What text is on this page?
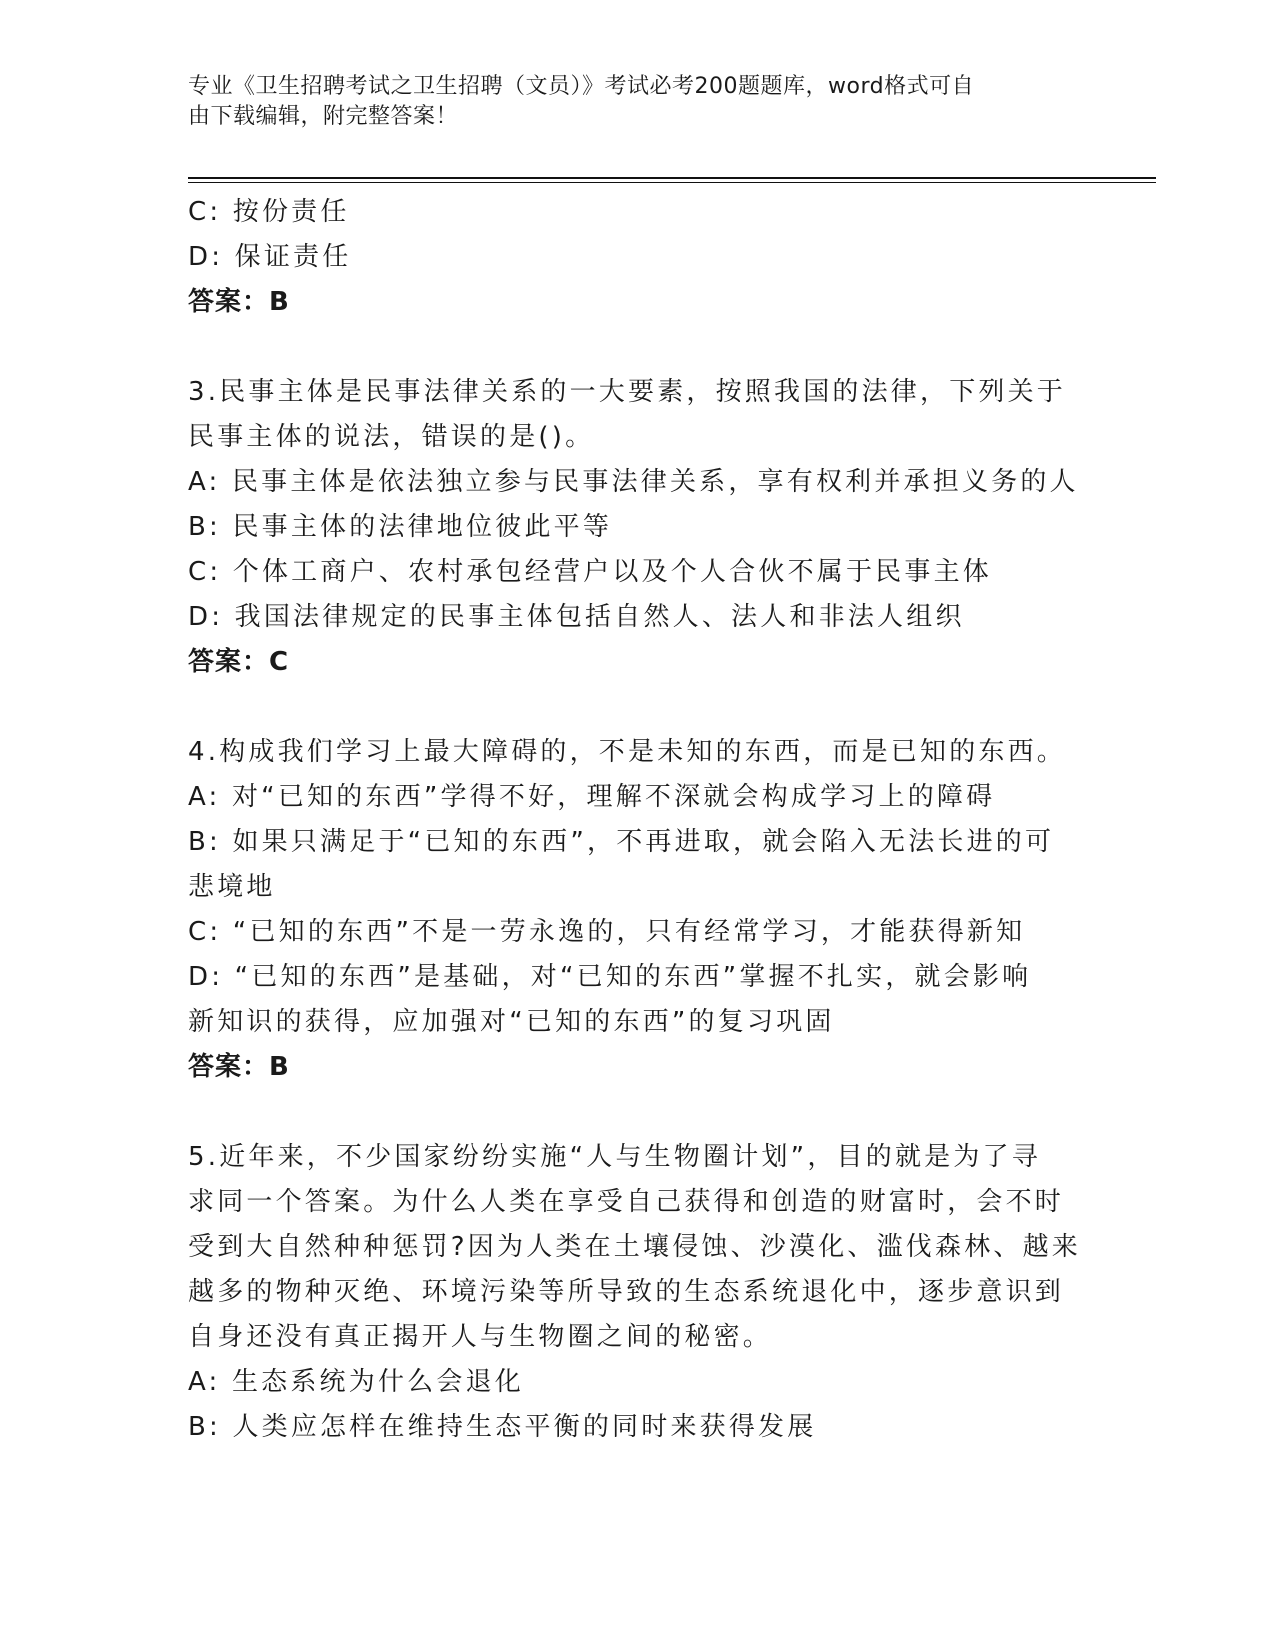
专业《卫生招聘考试之卫生招聘（文员）》考试必考200题题库，word格式可自
由下载编辑，附完整答案！
C: 按份责任
D: 保证责任
答案：B
3.民事主体是民事法律关系的一大要素，按照我国的法律，下列关于
民事主体的说法，错误的是()。
A: 民事主体是依法独立参与民事法律关系，享有权利并承担义务的人
B: 民事主体的法律地位彼此平等
C: 个体工商户、农村承包经营户以及个人合伙不属于民事主体
D: 我国法律规定的民事主体包括自然人、法人和非法人组织
答案：C
4.构成我们学习上最大障碍的，不是未知的东西，而是已知的东西。
A: 对“已知的东西”学得不好，理解不深就会构成学习上的障碍
B: 如果只满足于“已知的东西”，不再进取，就会陷入无法长进的可
悲境地
C: “已知的东西”不是一劳永逸的，只有经常学习，才能获得新知
D: “已知的东西”是基础，对“已知的东西”掌握不扎实，就会影响
新知识的获得，应加强对“已知的东西”的复习巩固
答案：B
5.近年来，不少国家纷纷实施“人与生物圈计划”，目的就是为了寻
求同一个答案。为什么人类在享受自己获得和创造的财富时，会不时
受到大自然种种惩罚?因为人类在土壤侵蚀、沙漠化、滥伐森林、越来
越多的物种灭绝、环境污染等所导致的生态系统退化中，逐步意识到
自身还没有真正揭开人与生物圈之间的秘密。
A: 生态系统为什么会退化
B: 人类应怎样在维持生态平衡的同时来获得发展
